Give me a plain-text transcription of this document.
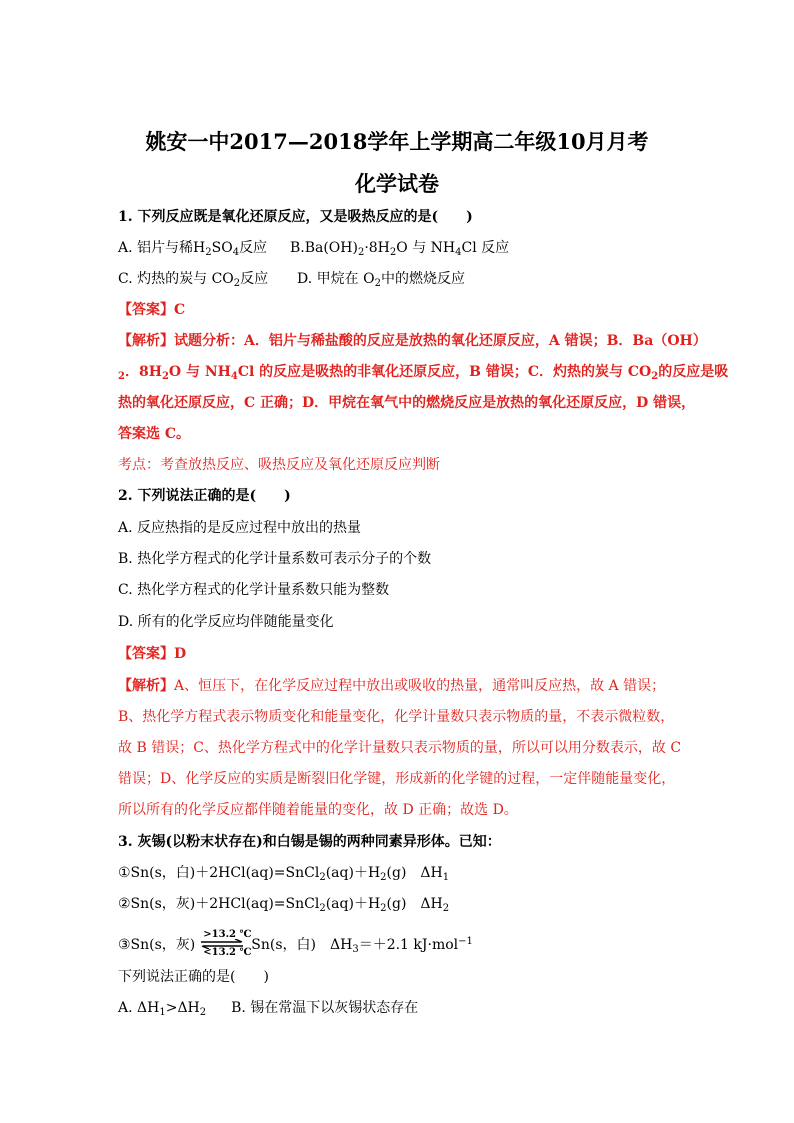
姚安一中2017—2018学年上学期高二年级10月月考
化学试卷
1. 下列反应既是氧化还原反应，又是吸热反应的是(　　)
A. 铝片与稀$H_2SO_4$反应 $B.Ba(OH)_2\cdot 8H_2O$ 与 $NH_4Cl$ 反应
C. 灼热的炭与 $CO_2$反应 D. 甲烷在 $O_2$中的燃烧反应
【答案】C
【解析】试题分析：A．铝片与稀盐酸的反应是放热的氧化还原反应，A 错误；B．Ba（OH）
$_2$．$8H_2O$ 与 $NH_4Cl$ 的反应是吸热的非氧化还原反应，B 错误；C．灼热的炭与 $CO_2$的反应是吸
热的氧化还原反应，C 正确；D．甲烷在氧气中的燃烧反应是放热的氧化还原反应，D 错误，
答案选 C。
考点：考查放热反应、吸热反应及氧化还原反应判断
2. 下列说法正确的是(　　)
A. 反应热指的是反应过程中放出的热量
B. 热化学方程式的化学计量系数可表示分子的个数
C. 热化学方程式的化学计量系数只能为整数
D. 所有的化学反应均伴随能量变化
【答案】D
【解析】A、恒压下，在化学反应过程中放出或吸收的热量，通常叫反应热，故 A 错误；
B、热化学方程式表示物质变化和能量变化，化学计量数只表示物质的量，不表示微粒数，
故 B 错误；C、热化学方程式中的化学计量数只表示物质的量，所以可以用分数表示，故 C
错误；D、化学反应的实质是断裂旧化学键，形成新的化学键的过程，一定伴随能量变化，
所以所有的化学反应都伴随着能量的变化，故 D 正确；故选 D。
3. 灰锡(以粉末状存在)和白锡是锡的两种同素异形体。已知：
①Sn(s，白)$+2HCl(aq)=SnCl_2(aq)+H_2(g)$　$\Delta H_1$
②Sn(s，灰)$+2HCl(aq)=SnCl_2(aq)+H_2(g)$　$\Delta H_2$
③Sn(s，灰)
>13.2 ℃
<13.2 ℃ Sn(s，白)　$\Delta H_3=+2.1$ kJ·mol$^{-1}$
下列说法正确的是(　　)
A. $\Delta H_1>\Delta H_2$ B. 锡在常温下以灰锡状态存在
